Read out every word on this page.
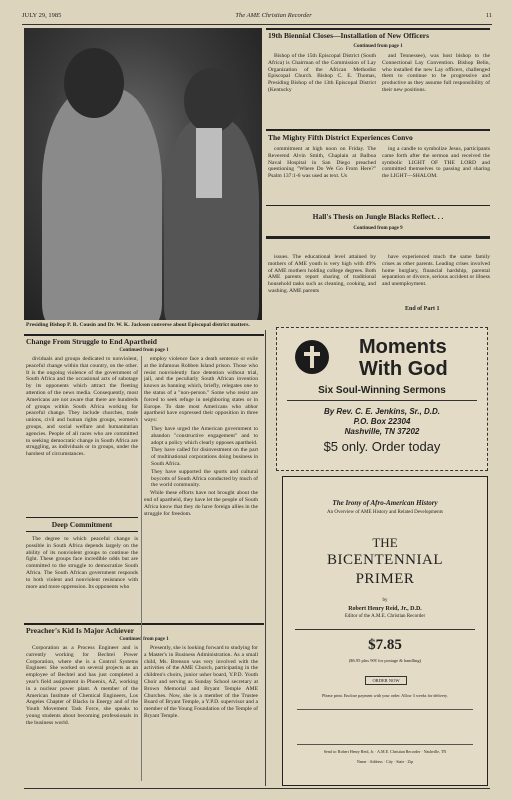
JULY 29, 1985	The AME Christian Recorder	11
Presiding Bishop P. R. Cousin and Dr. W. K. Jackson converse about Episcopal district matters.
19th Biennial Closes—Installation of New Officers
Continued from page 1

Bishop of the 15th Episcopal District (South Africa) is Chairman of the Commission of Lay Organization of the African Methodist Episcopal Church. Bishop C. E. Thomas, Presiding Bishop of the 13th Episcopal District (Kentucky

and Tennessee), was host bishop to the Connectional Lay Convention. Bishop Belin, who installed the new Lay officers, challenged them to continue to be progressive and productive as they assume full responsibility of their new positions.

The Mighty Fifth District Experiences Convo

commitment at high noon on Friday. The Reverend Alvin Smith, Chaplain at Balboa Naval Hospital in San Diego preached questioning "Where Do We Go From Here?" Psalm 137:1-6 was used as text. Us

ing a candle to symbolize Jesus, participants came forth after the sermon and received the symbolic LIGHT OF THE LORD and committed themselves to passing and sharing the LIGHT—SHALOM.

Hall's Thesis on Jungle Blacks Reflect. . .
Continued from page 9

issues. The educational level attained by mothers of AME youth is very high with 49% of AME mothers holding college degrees. Both AME parents report sharing of traditional household tasks such as cleaning, cooking, and washing. AME parents

have experienced much the same family crises as other parents. Leading crises involved home burglary, financial hardship, parental separation or divorce, serious accident or illness and unemployment.

End of Part 1
Moments
With God
Six Soul-Winning Sermons
By Rev. C. E. Jenkins, Sr., D.D.
P.O. Box 22304
Nashville, TN 37202
$5 only. Order today
The Irony of Afro-American History
An Overview of AME History and Related Developments
THE
BICENTENNIAL
PRIMER
by
Robert Henry Reid, Jr., D.D.
Editor of the A.M.E. Christian Recorder
$7.85
($6.95 plus 90¢ for postage & handling)
ORDER NOW
Please print. Enclose payment with your order. Allow 3 weeks for delivery.
Send to: Robert Henry Reid, Jr. · A.M.E. Christian Recorder · Nashville, TN
Name · Address · City · State · Zip
Change From Struggle to End Apartheid
Continued from page 1

dividuals and groups dedicated to nonviolent, peaceful change within that country, on the other. It is the ongoing violence of the government of South Africa and the occasional acts of sabotage by its opponents which attract the fleeting attention of the news media. Consequently, most Americans are not aware that there are hundreds of groups within South Africa working for peaceful change. They include churches, trade unions, civil and human rights groups, women's groups, and social welfare and humanitarian agencies. People of all races who are committed to seeking democratic change in South Africa are struggling, as individuals or in groups, under the harshest of circumstances.

employ violence face a death sentence or exile at the infamous Robben Island prison. Those who resist nonviolently face detention without trial, jail, and the peculiarly South African invention known as banning which, briefly, relegates one to the status of a "non-person." Some who resist are forced to seek refuge in neighboring states or in Europe. To date most Americans who abhor apartheid have expressed their opposition in three ways:

• They have urged the American government to abandon "constructive engagement" and to adopt a policy which clearly opposes apartheid.
• They have called for disinvestment on the part of multinational corporations doing business in South Africa.
• They have supported the sports and cultural boycotts of South Africa conducted by much of the world community.

While these efforts have not brought about the end of apartheid, they have let the people of South Africa know that they do have foreign allies in the struggle for freedom.

Deep Commitment

The degree to which peaceful change is possible in South Africa depends largely on the ability of its nonviolent groups to continue the fight. These groups face incredible odds but are committed to the struggle to democratize South Africa. The South African government responds to both violent and nonviolent resistance with more and more oppression. Its opponents who

Preacher's Kid Is Major Achiever
Continued from page 1

Corporation as a Process Engineer and is currently working for Bechtel Power Corporation, where she is a Control Systems Engineer. She worked on several projects as an employee of Bechtel and has just completed a year's field assignment in Phoenix, AZ, working in a nuclear power plant. A member of the American Institute of Chemical Engineers, Los Angeles Chapter of Blacks in Energy and of the Youth Movement Task Force, she speaks to young students about becoming professionals in the business world.

Presently, she is looking forward to studying for a Master's in Business Administration. As a small child, Ms. Brenson was very involved with the activities of the AME Church, participating in the children's choirs, junior usher board, Y.P.D. Youth Choir and serving as Sunday School secretary at Brown Memorial and Bryant Temple AME Churches. Now, she is a member of the Trustee Board of Bryant Temple, a Y.P.D. supervisor and a member of the Young Foundation of the Temple of Bryant Temple.
